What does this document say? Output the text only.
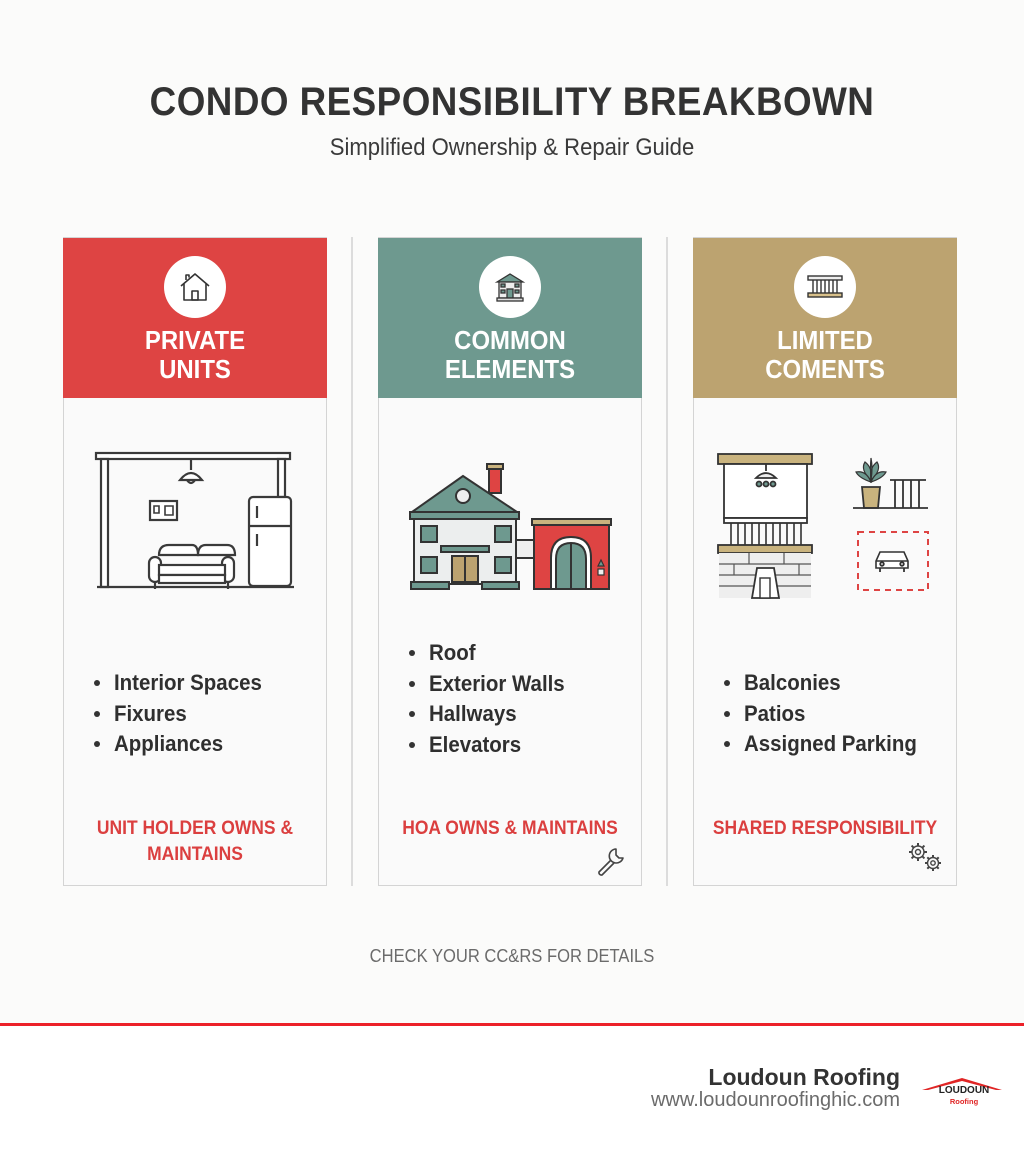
CONDO RESPONSIBILITY BREAKBOWN
Simplified Ownership & Repair Guide
PRIVATE
UNITS
Interior Spaces
Fixures
Appliances
UNIT HOLDER OWNS &
MAINTAINS
COMMON
ELEMENTS
Roof
Exterior Walls
Hallways
Elevators
HOA OWNS & MAINTAINS
LIMITED
COMENTS
Balconies
Patios
Assigned Parking
SHARED RESPONSIBILITY
CHECK YOUR CC&RS FOR DETAILS
Loudoun Roofing
www.loudounroofinghic.com	LOUDOUN
Roofing
